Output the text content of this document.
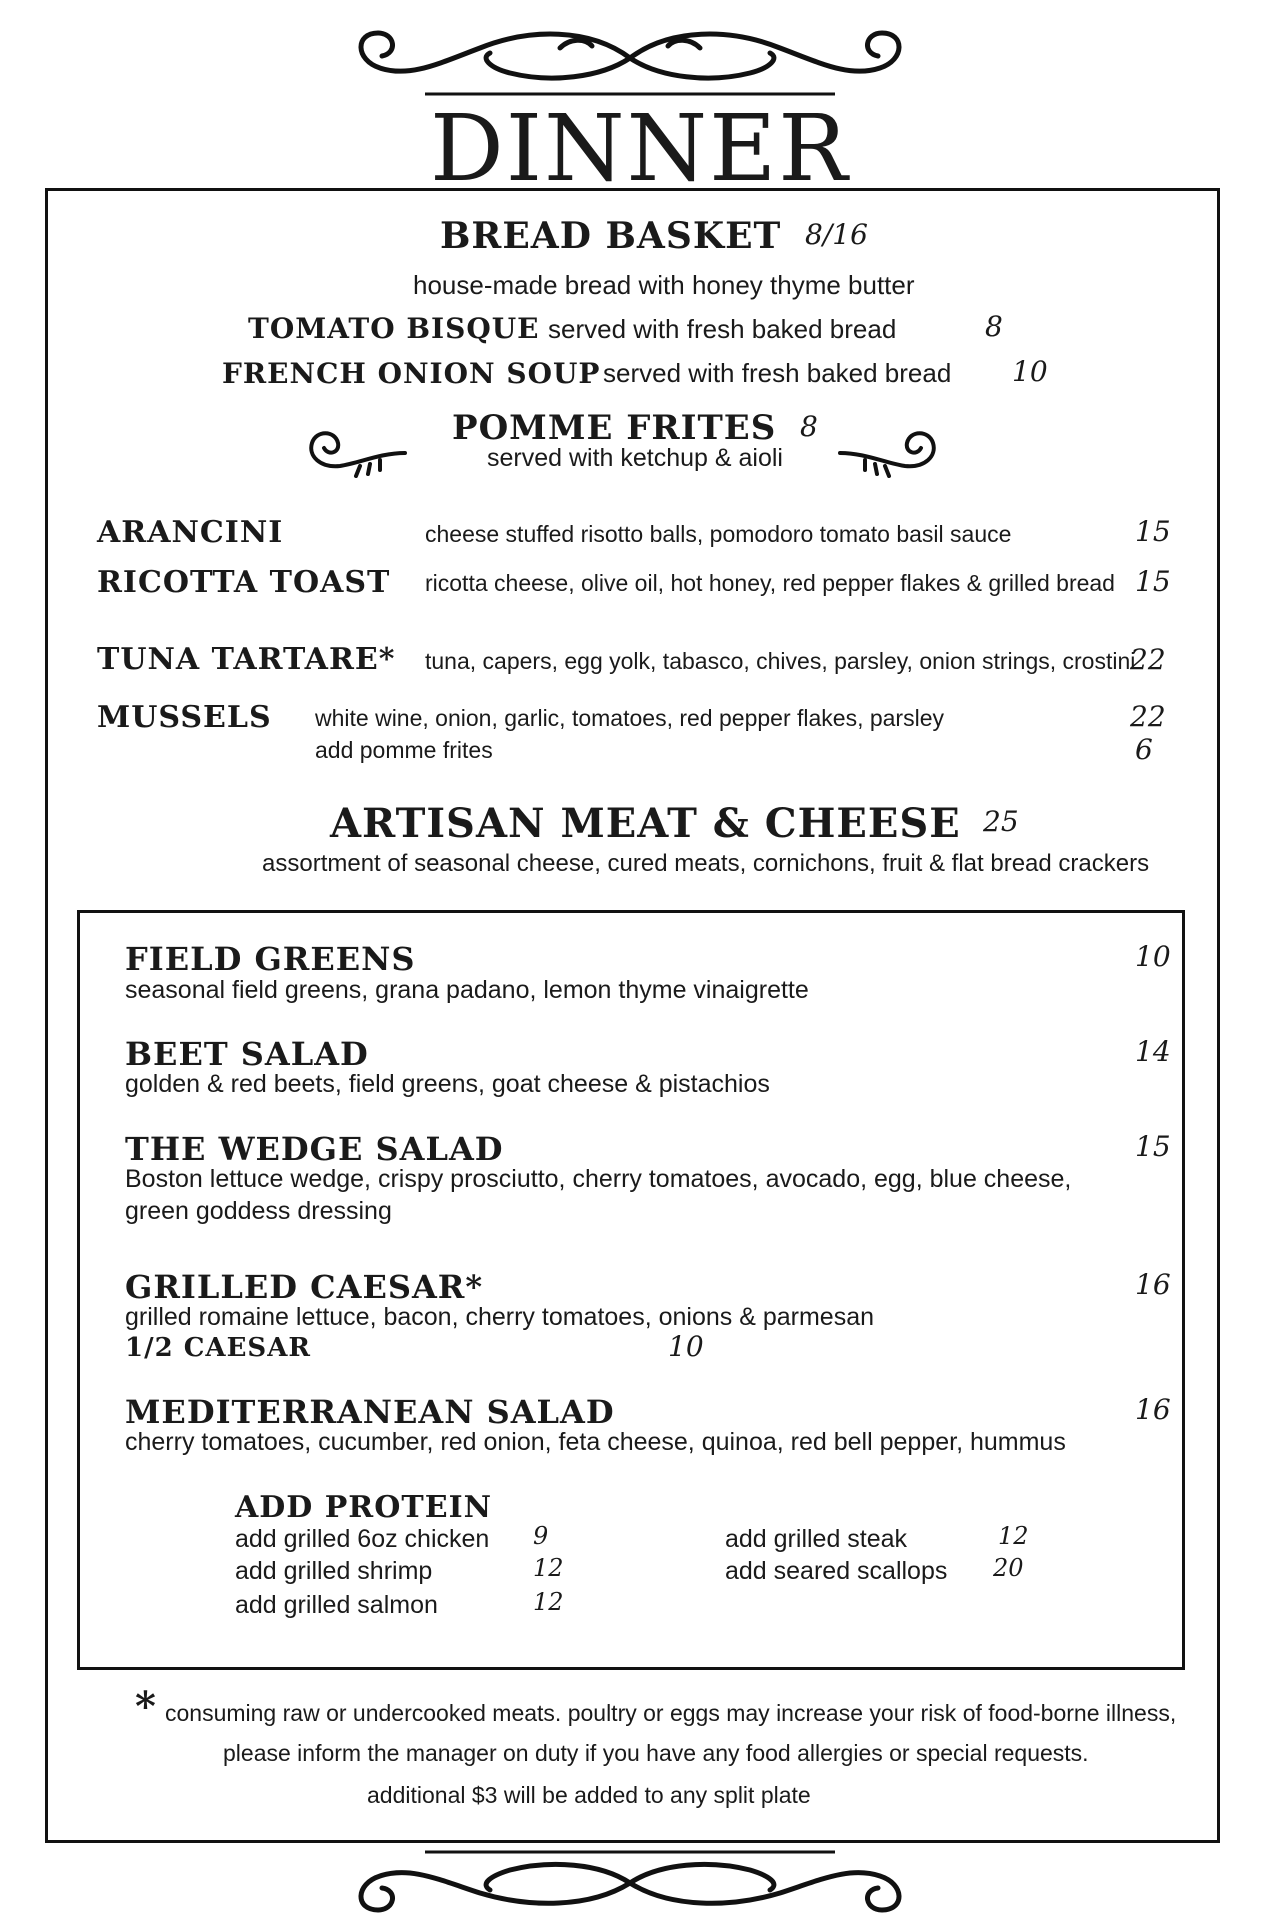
DINNER
BREAD BASKET 8/16
house-made bread with honey thyme butter
TOMATO BISQUE served with fresh baked bread	8
FRENCH ONION SOUP served with fresh baked bread 10
POMME FRITES 8
served with ketchup & aioli
ARANCINI	cheese stuffed risotto balls, pomodoro tomato basil sauce	15
RICOTTA TOAST ricotta cheese, olive oil, hot honey, red pepper flakes & grilled bread 15
TUNA TARTARE* tuna, capers, egg yolk, tabasco, chives, parsley, onion strings, crostini
22
MUSSELS white wine, onion, garlic, tomatoes, red pepper flakes, parsley	22
add pomme frites	6
ARTISAN MEAT & CHEESE 25
assortment of seasonal cheese, cured meats, cornichons, fruit & flat bread crackers
FIELD GREENS	10
seasonal field greens, grana padano, lemon thyme vinaigrette
BEET SALAD	14
golden & red beets, field greens, goat cheese & pistachios
THE WEDGE SALAD	15
Boston lettuce wedge, crispy prosciutto, cherry tomatoes, avocado, egg, blue cheese,
green goddess dressing
GRILLED CAESAR*	16
grilled romaine lettuce, bacon, cherry tomatoes, onions & parmesan
1/2 CAESAR	10
MEDITERRANEAN SALAD	16
cherry tomatoes, cucumber, red onion, feta cheese, quinoa, red bell pepper, hummus
ADD PROTEIN
add grilled 6oz chicken 9
add grilled shrimp	12
add grilled salmon	12
add grilled steak	12
add seared scallops 20
* consuming raw or undercooked meats. poultry or eggs may increase your risk of food-borne illness,
please inform the manager on duty if you have any food allergies or special requests.
additional $3 will be added to any split plate
